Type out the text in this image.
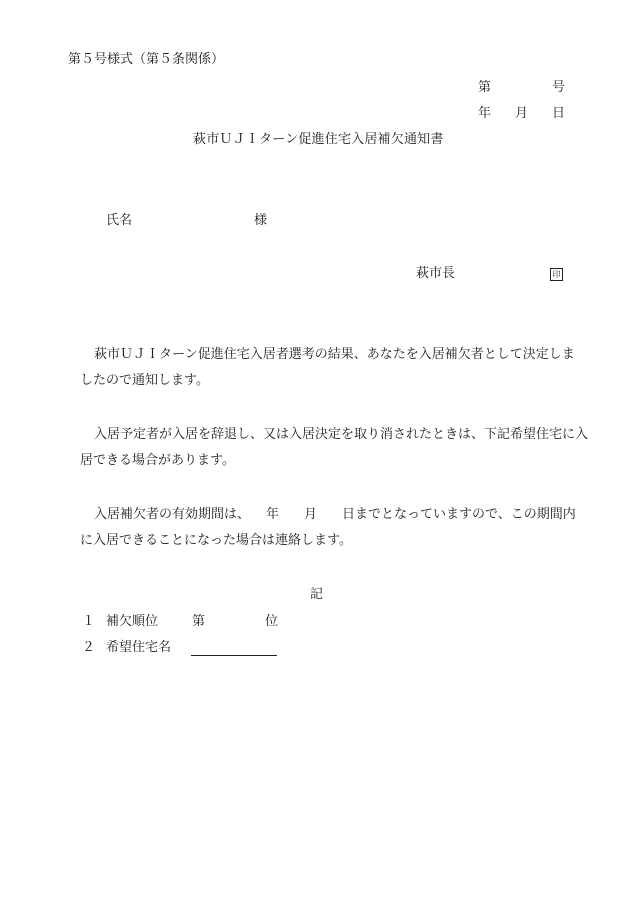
第５号様式（第５条関係）
第	号
年 月 日
萩市ＵＪＩターン促進住宅入居補欠通知書
氏名	様
萩市長	印
萩市ＵＪＩターン促進住宅入居者選考の結果、あなたを入居補欠者として決定しま
したので通知します。
入居予定者が入居を辞退し、又は入居決定を取り消されたときは、下記希望住宅に入
居できる場合があります。
入居補欠者の有効期間は、 年 月 日までとなっていますので、この期間内
に入居できることになった場合は連絡します。
記
１ 補欠順位	第	位
２ 希望住宅名
